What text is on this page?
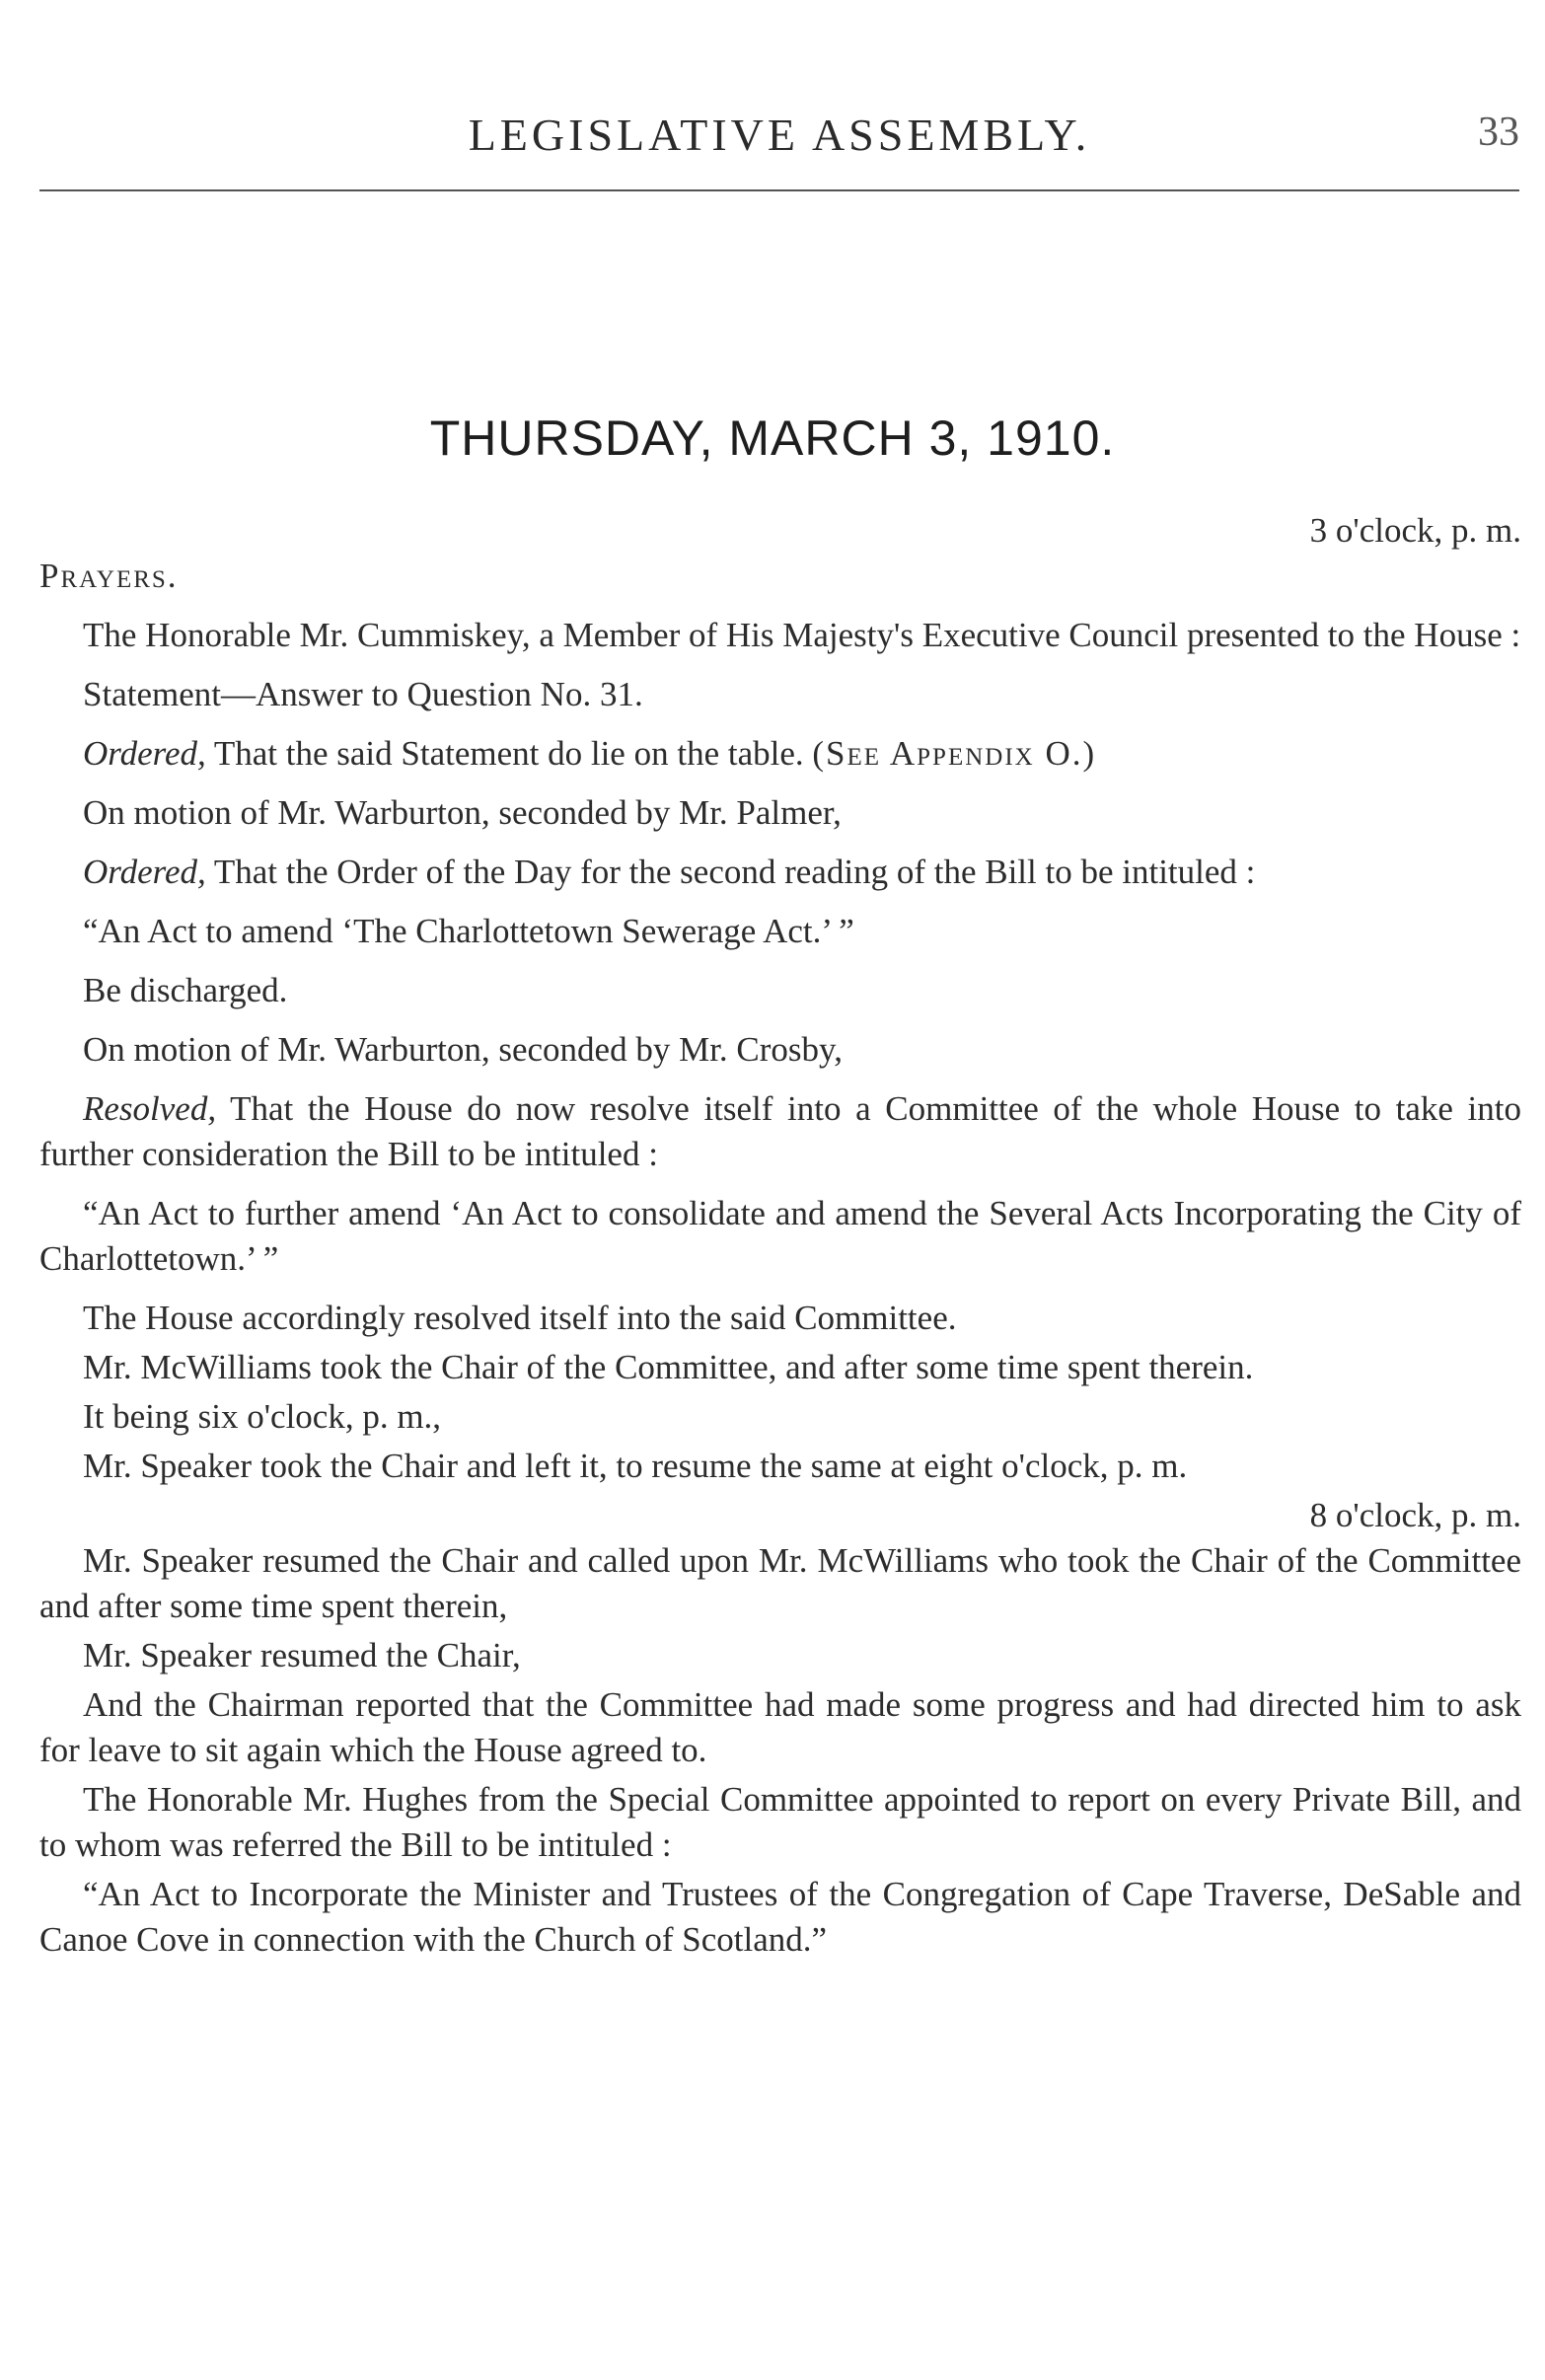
LEGISLATIVE ASSEMBLY.	33
THURSDAY, MARCH 3, 1910.

3 o'clock, p. m.

Prayers.

The Honorable Mr. Cummiskey, a Member of His Majesty's Executive Council presented to the House :

Statement—Answer to Question No. 31.

Ordered, That the said Statement do lie on the table. (See Appendix O.)

On motion of Mr. Warburton, seconded by Mr. Palmer,

Ordered, That the Order of the Day for the second reading of the Bill to be intituled :

“An Act to amend ‘The Charlottetown Sewerage Act.’ ”

Be discharged.

On motion of Mr. Warburton, seconded by Mr. Crosby,

Resolved, That the House do now resolve itself into a Committee of the whole House to take into further consideration the Bill to be intituled :

“An Act to further amend ‘An Act to consolidate and amend the Several Acts Incorporating the City of Charlottetown.’ ”

The House accordingly resolved itself into the said Committee.

Mr. McWilliams took the Chair of the Committee, and after some time spent therein.

It being six o'clock, p. m.,

Mr. Speaker took the Chair and left it, to resume the same at eight o'clock, p. m.

8 o'clock, p. m.

Mr. Speaker resumed the Chair and called upon Mr. McWilliams who took the Chair of the Committee and after some time spent therein,

Mr. Speaker resumed the Chair,

And the Chairman reported that the Committee had made some progress and had directed him to ask for leave to sit again which the House agreed to.

The Honorable Mr. Hughes from the Special Committee appointed to report on every Private Bill, and to whom was referred the Bill to be intituled :

“An Act to Incorporate the Minister and Trustees of the Congregation of Cape Traverse, DeSable and Canoe Cove in connection with the Church of Scotland.”
